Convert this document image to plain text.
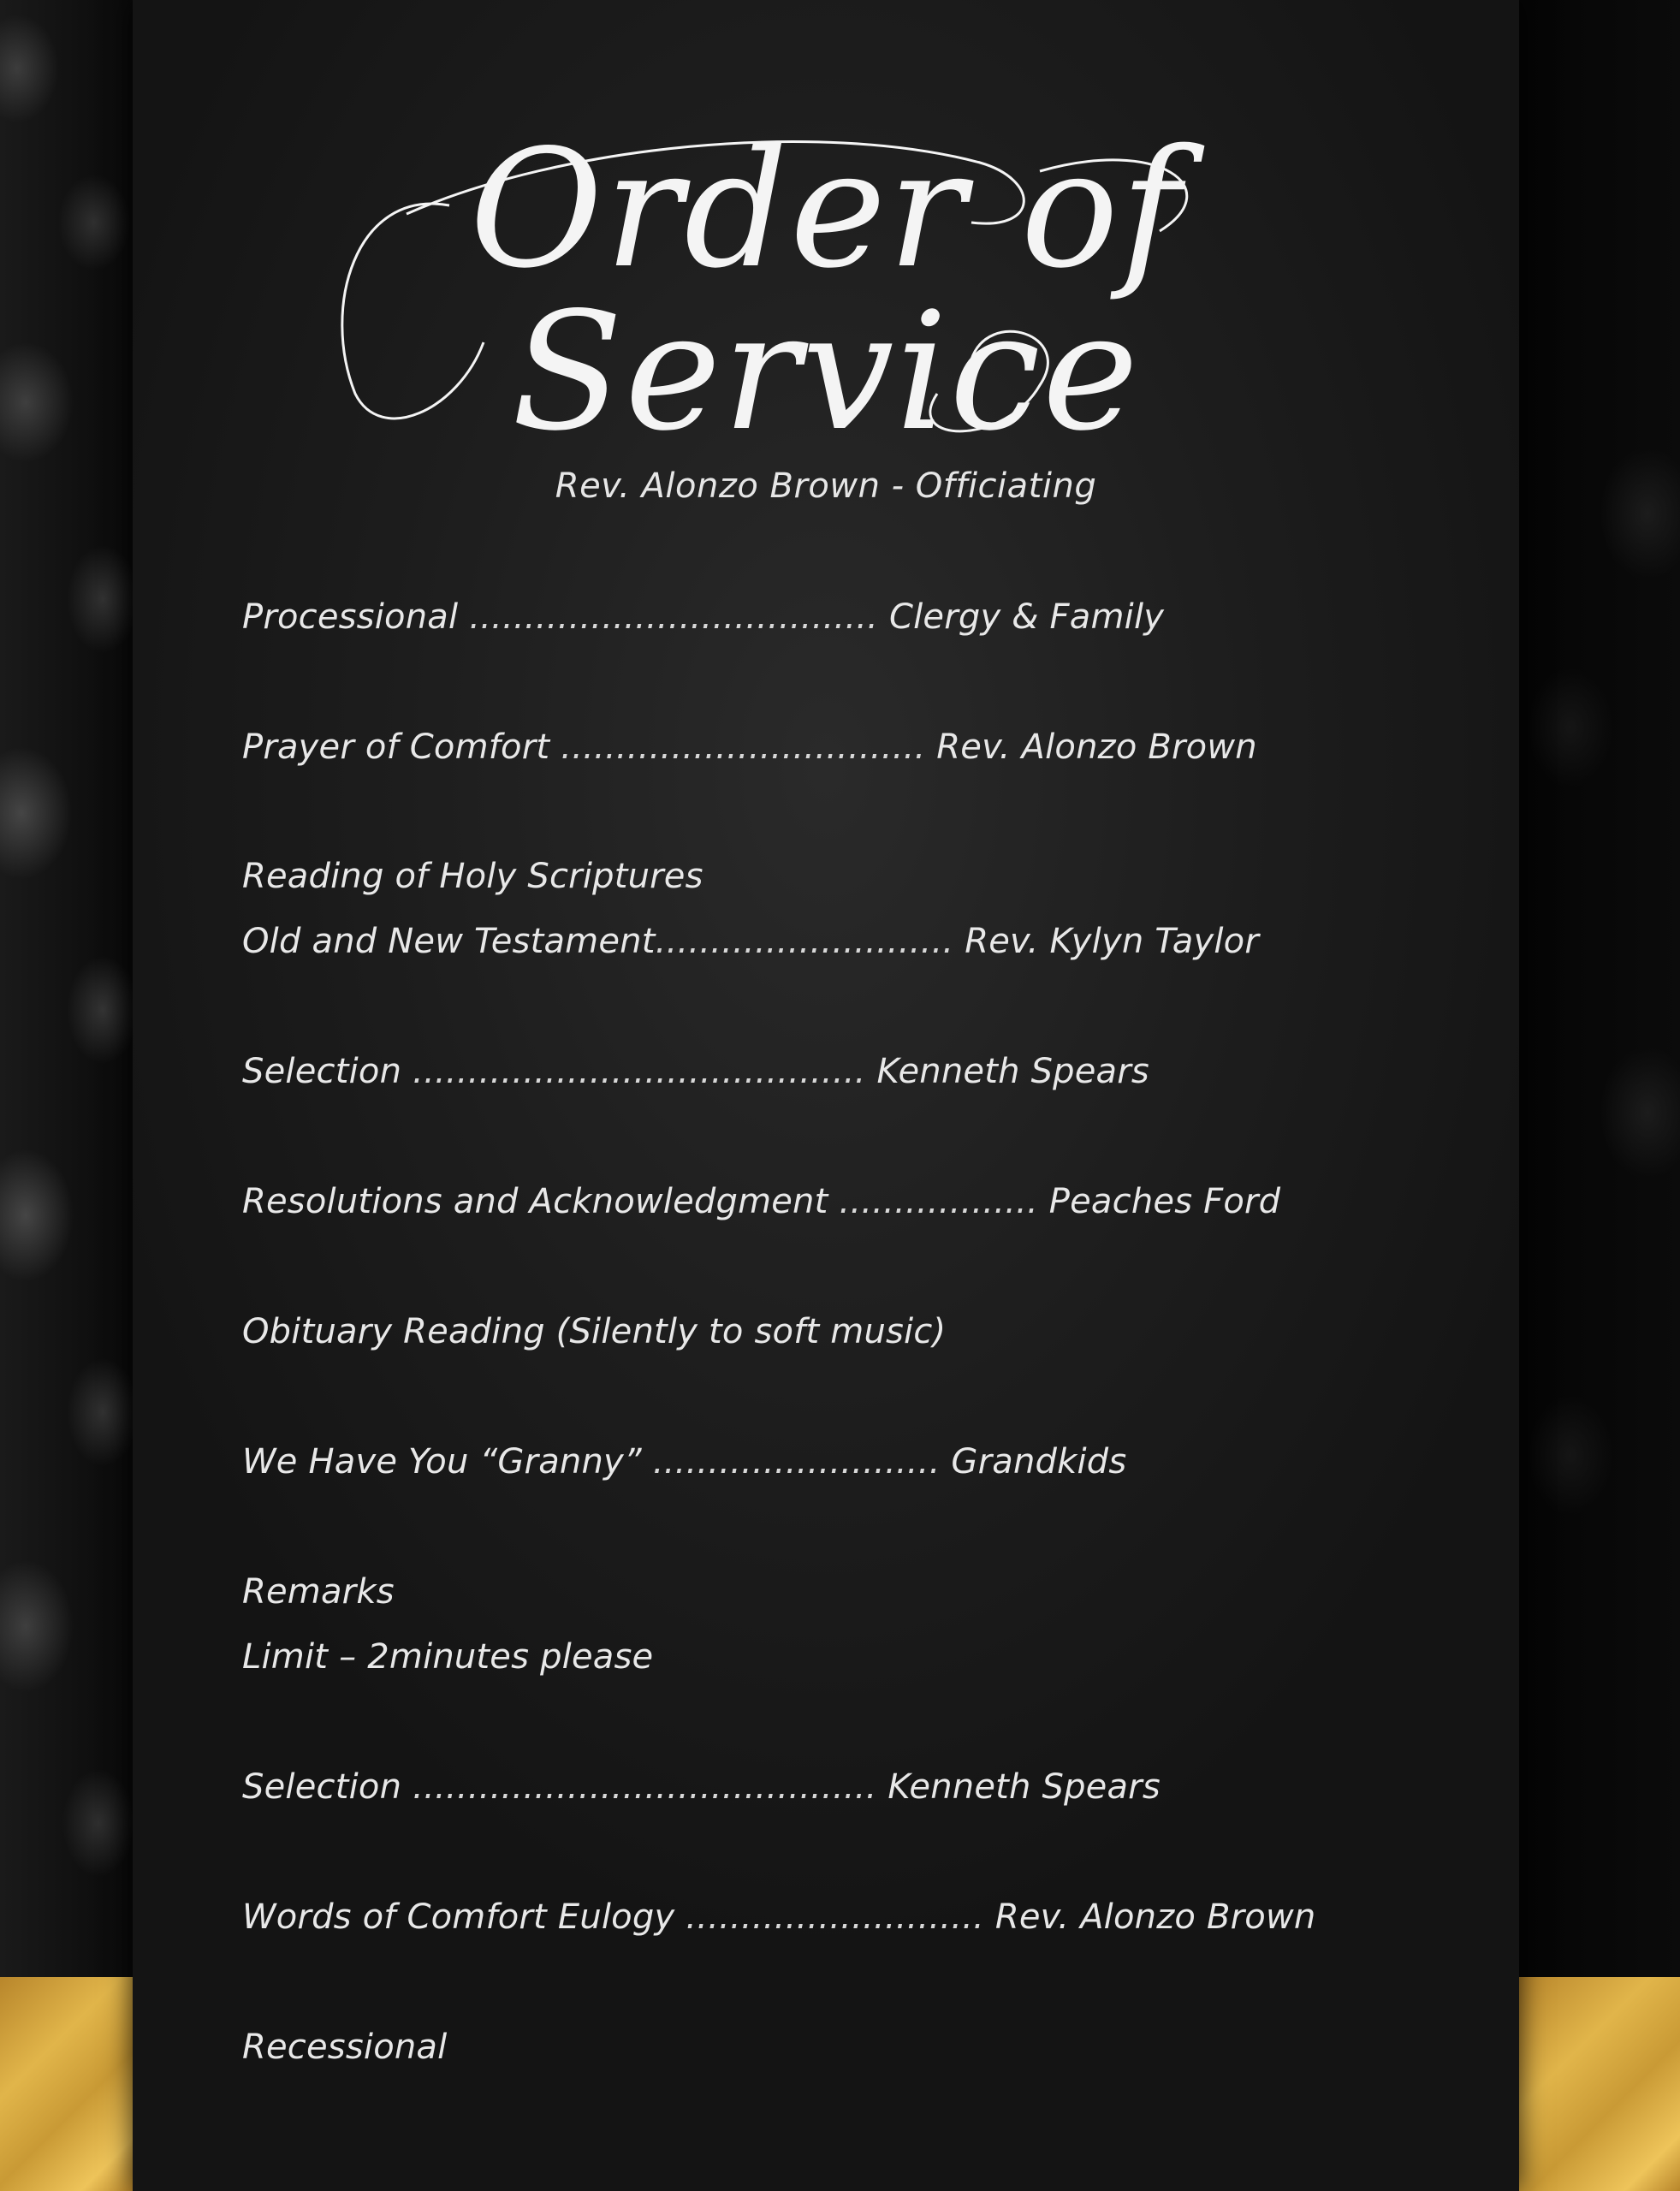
Order of Service
Rev. Alonzo Brown - Officiating
Processional ..................................... Clergy & Family
Prayer of Comfort ................................. Rev. Alonzo Brown
Reading of Holy Scriptures
Old and New Testament........................... Rev. Kylyn Taylor
Selection ......................................... Kenneth Spears
Resolutions and Acknowledgment .................. Peaches Ford
Obituary Reading (Silently to soft music)
We Have You “Granny” .......................... Grandkids
Remarks
Limit – 2minutes please
Selection .......................................... Kenneth Spears
Words of Comfort Eulogy ........................... Rev. Alonzo Brown
Recessional
